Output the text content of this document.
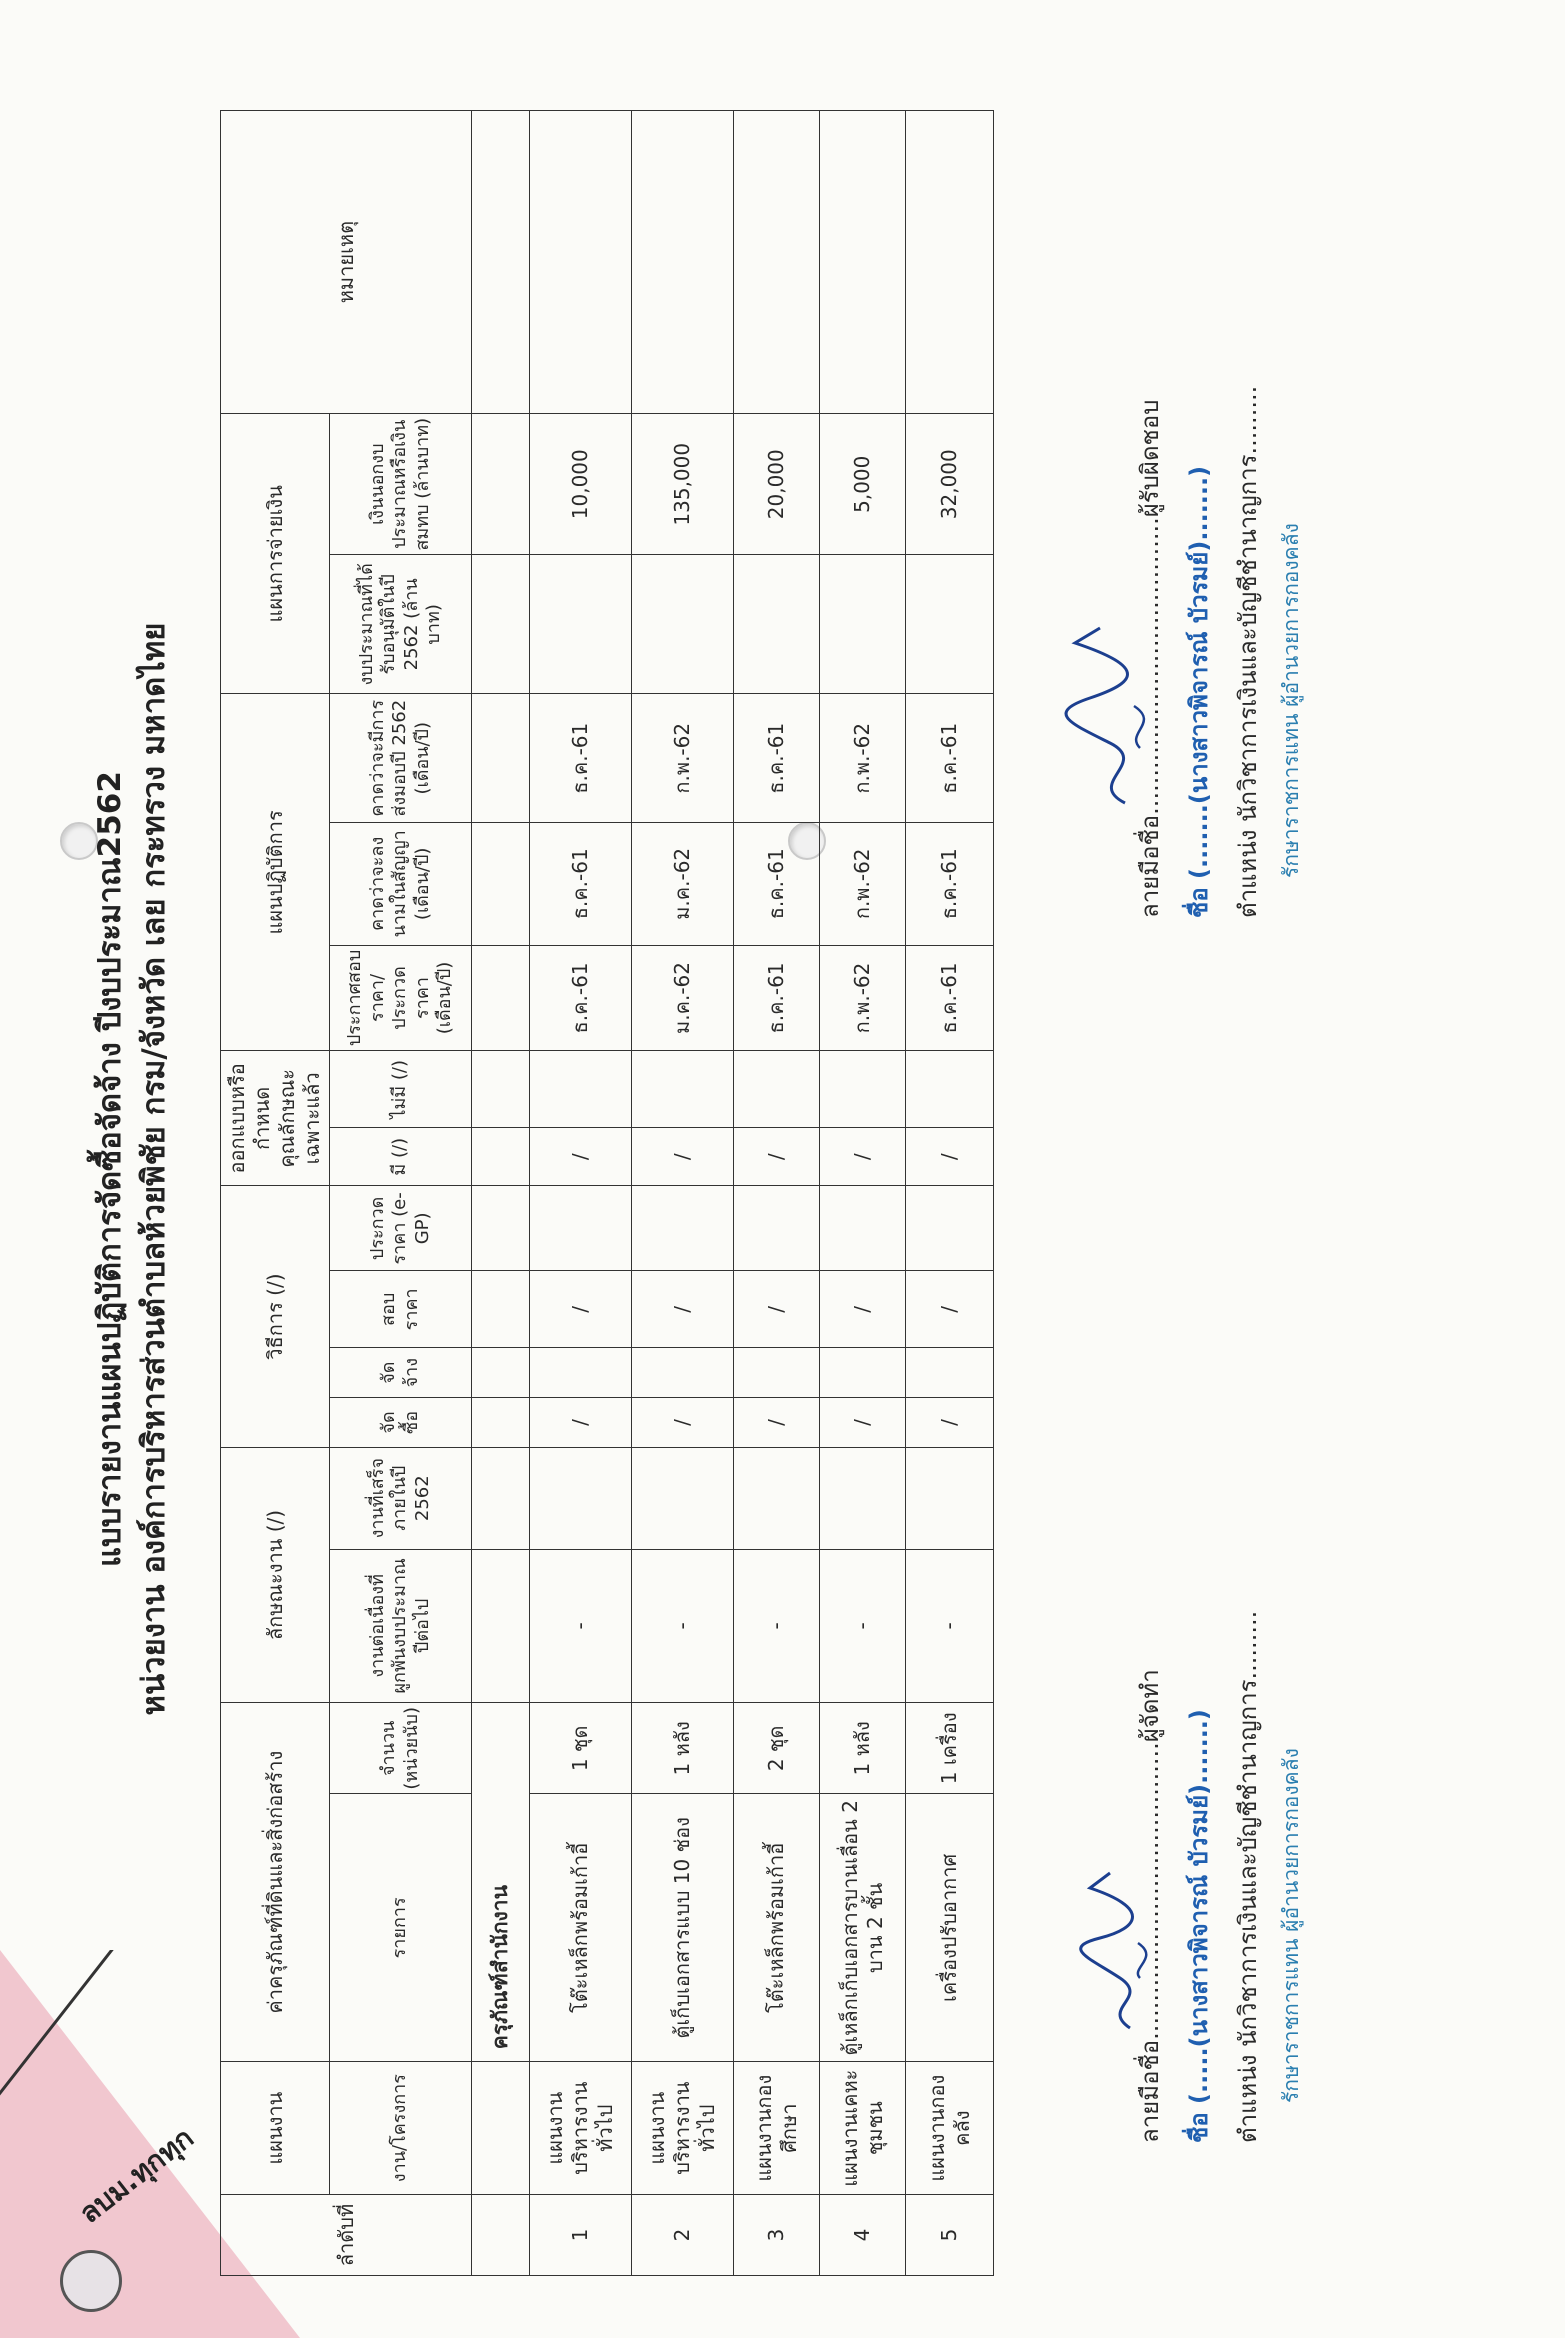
ลบม.ทุกทุก
แบบรายงานแผนปฏิบัติการจัดซื้อจัดจ้าง ปีงบประมาณ2562 หน่วยงาน องค์การบริหารส่วนตำบลห้วยพิชัย กรม/จังหวัด เลย กระทรวง มหาดไทย
ลำดับที่	แผนงาน	ค่าครุภัณฑ์ที่ดินและสิ่งก่อสร้าง		ลักษณะงาน (/)		วิธีการ (/)				ออกแบบหรือกำหนดคุณลักษณะเฉพาะแล้ว		แผนปฏิบัติการ			แผนการจ่ายเงิน		หมายเหตุ
	งาน/โครงการ	รายการ	จำนวน (หน่วยนับ)	งานต่อเนื่องที่ผูกพันงบประมาณปีต่อไป	งานที่เสร็จภายในปี 2562	จัดซื้อ	จัดจ้าง	สอบราคา	ประกวดราคา (e-GP)	มี (/)	ไม่มี (/)	ประกาศสอบราคา/ประกวดราคา (เดือน/ปี)	คาดว่าจะลงนามในสัญญา (เดือน/ปี)	คาดว่าจะมีการส่งมอบปี 2562 (เดือน/ปี)	งบประมาณที่ได้รับอนุมัติในปี 2562 (ล้านบาท)	เงินนอกงบประมาณหรือเงินสมทบ (ล้านบาท)	
		ครุภัณฑ์สำนักงาน															
1	แผนงานบริหารงานทั่วไป	โต๊ะเหล็กพร้อมเก้าอี้	1 ชุด	-		/		/		/		ธ.ค.-61	ธ.ค.-61	ธ.ค.-61		10,000	
2	แผนงานบริหารงานทั่วไป	ตู้เก็บเอกสารแบบ 10 ช่อง	1 หลัง	-		/		/		/		ม.ค.-62	ม.ค.-62	ก.พ.-62		135,000	
3	แผนงานกองศึกษา	โต๊ะเหล็กพร้อมเก้าอี้	2 ชุด	-		/		/		/		ธ.ค.-61	ธ.ค.-61	ธ.ค.-61		20,000	
4	แผนงานเคหะชุมชน	ตู้เหล็กเก็บเอกสารบานเลื่อน 2 บาน 2 ชั้น	1 หลัง	-		/		/		/		ก.พ.-62	ก.พ.-62	ก.พ.-62		5,000	
5	แผนงานกองคลัง	เครื่องปรับอากาศ	1 เครื่อง	-		/		/		/		ธ.ค.-61	ธ.ค.-61	ธ.ค.-61		32,000	
ลายมือชื่อ.......................................ผู้จัดทำ ชื่อ (.....(นางสาวพิจารณ์ บัวรมย์).......) ตำแหน่ง นักวิชาการเงินและบัญชีชำนาญการ......... รักษาราชการแทน ผู้อำนวยการกองคลัง
ลายมือชื่อ.......................................ผู้รับผิดชอบ ชื่อ (.......(นางสาวพิจารณ์ บัวรมย์).......) ตำแหน่ง นักวิชาการเงินและบัญชีชำนาญการ......... รักษาราชการแทน ผู้อำนวยการกองคลัง
